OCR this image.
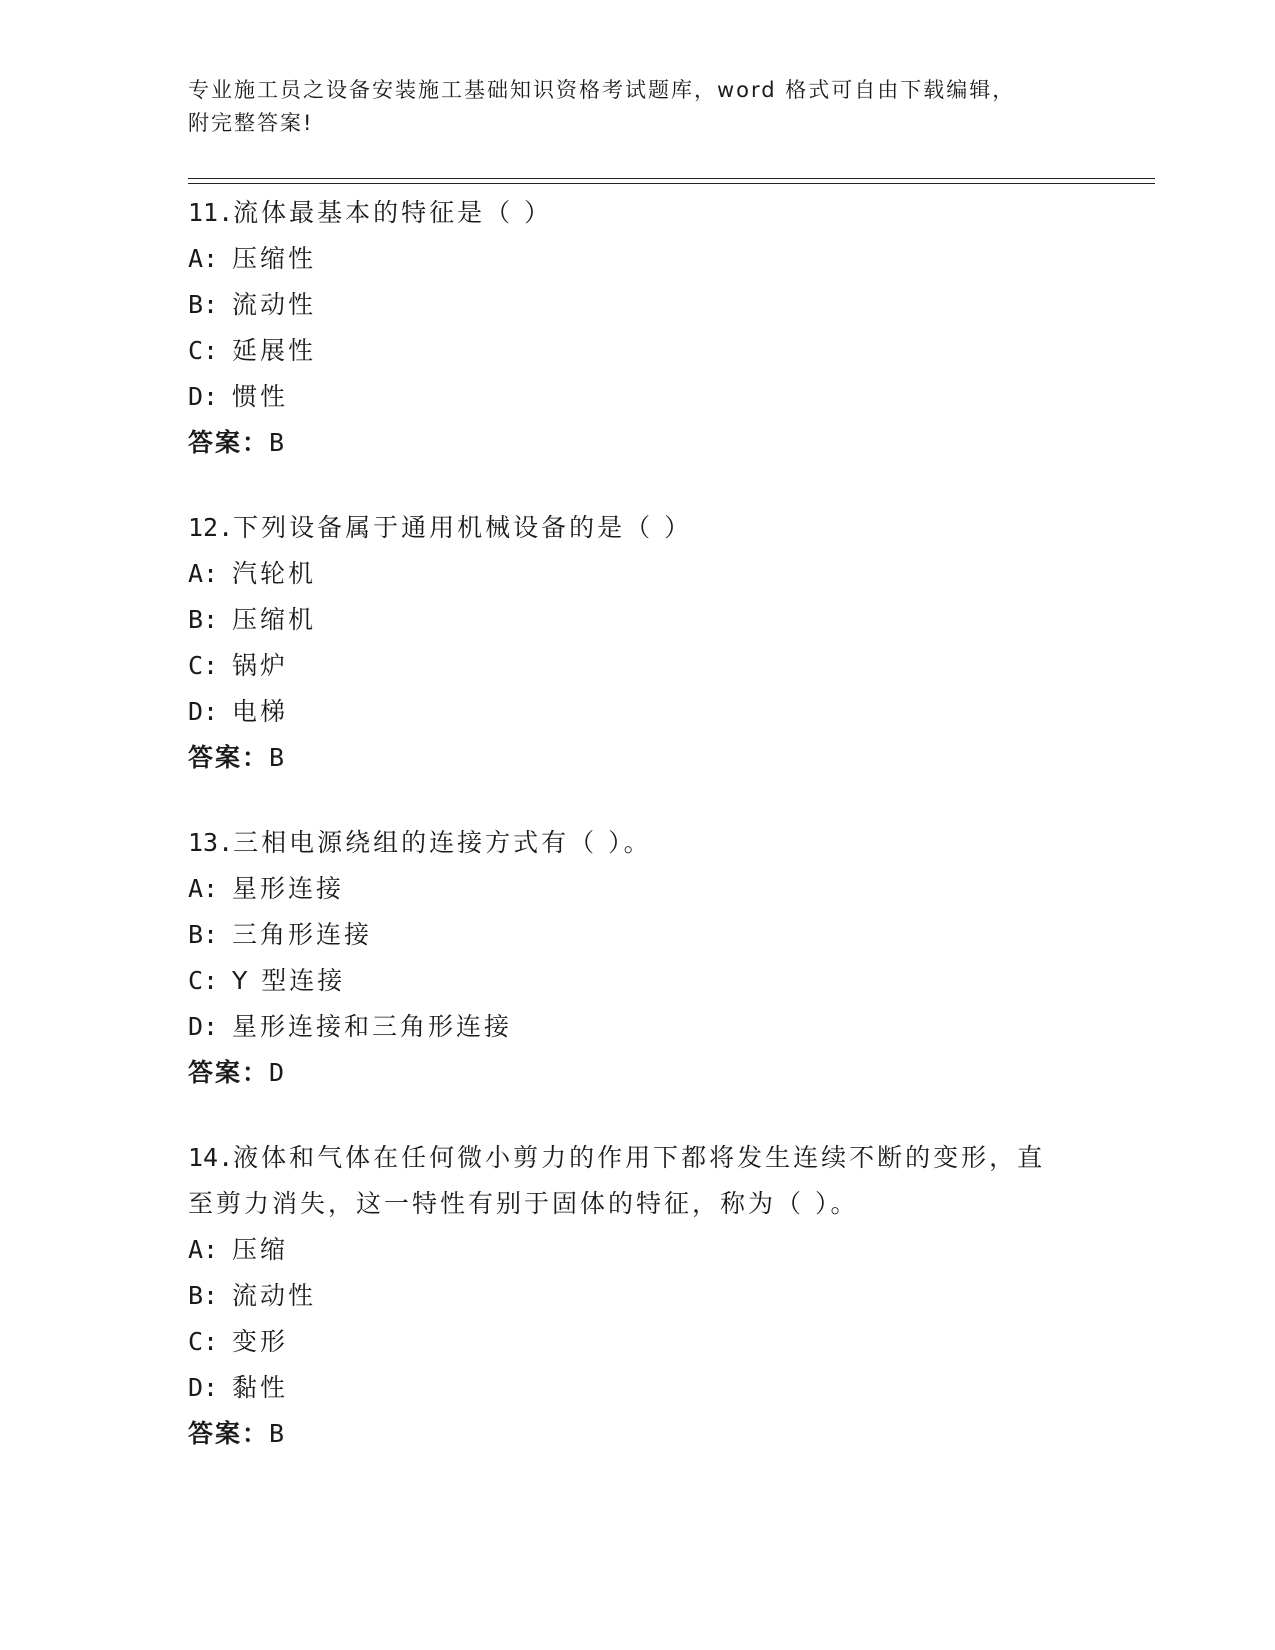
专业施工员之设备安装施工基础知识资格考试题库，word 格式可自由下载编辑，
附完整答案!
11.流体最基本的特征是（ ）
A: 压缩性
B: 流动性
C: 延展性
D: 惯性
答案：B
12.下列设备属于通用机械设备的是（ ）
A: 汽轮机
B: 压缩机
C: 锅炉
D: 电梯
答案：B
13.三相电源绕组的连接方式有（ ）。
A: 星形连接
B: 三角形连接
C: Y 型连接
D: 星形连接和三角形连接
答案：D
14.液体和气体在任何微小剪力的作用下都将发生连续不断的变形，直至剪力消失，这一特性有别于固体的特征，称为（ ）。
A: 压缩
B: 流动性
C: 变形
D: 黏性
答案：B
